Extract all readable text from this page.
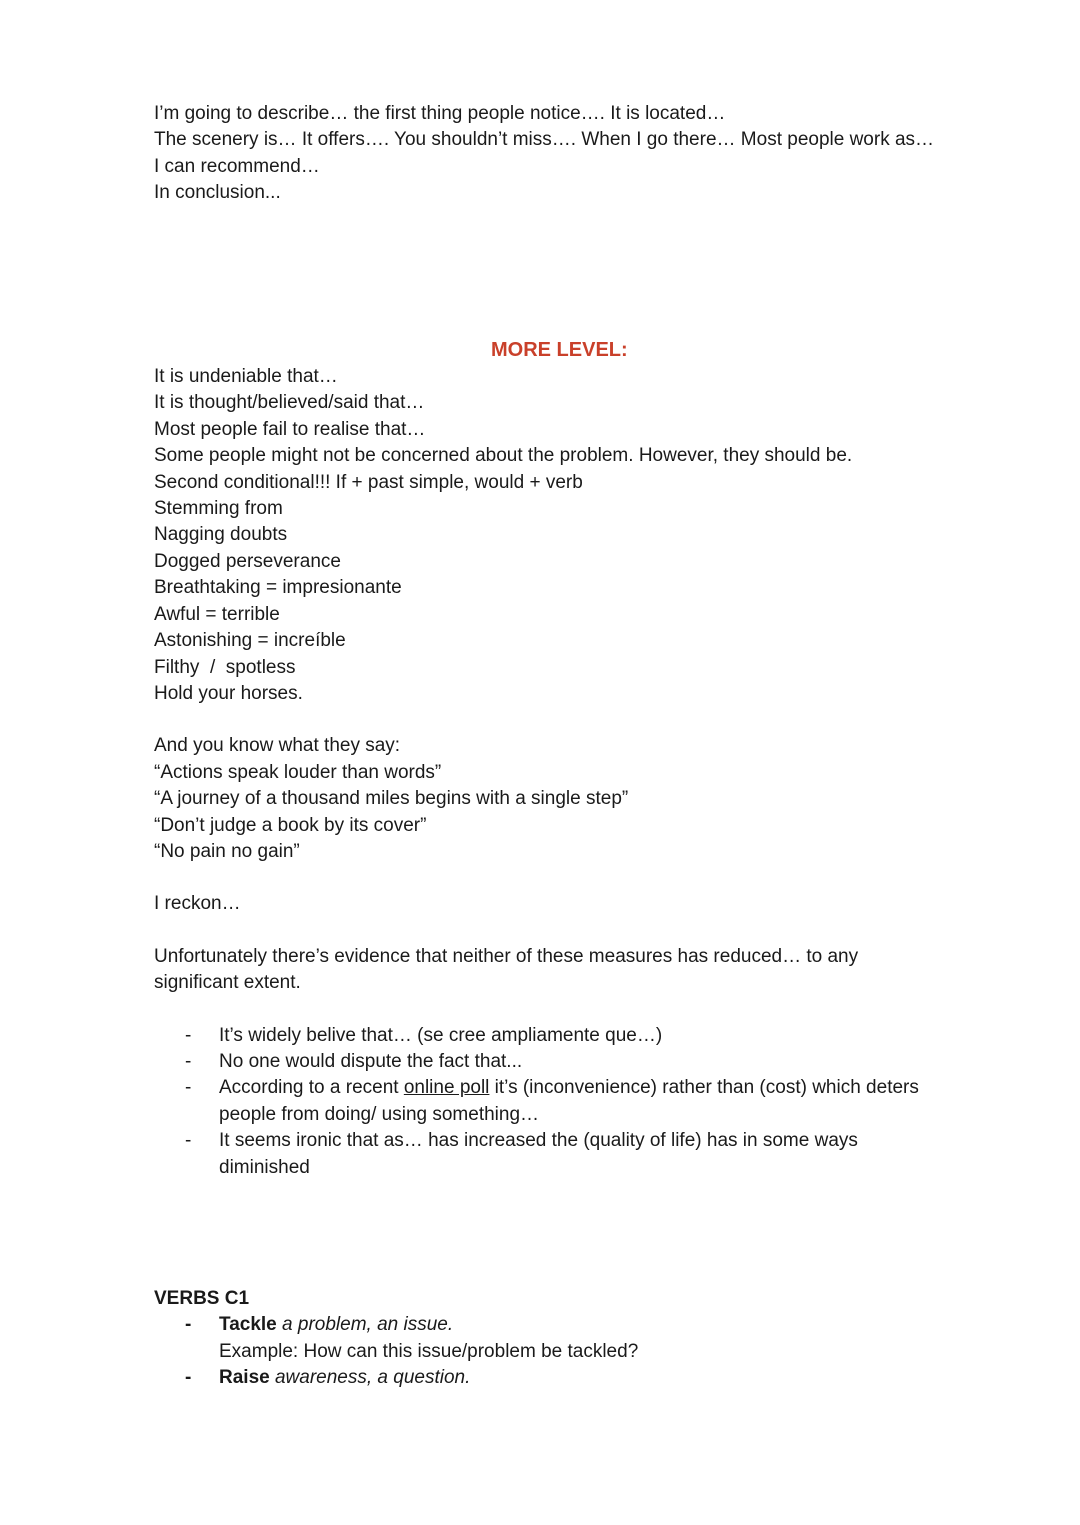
I’m going to describe… the first thing people notice…. It is located…
The scenery is… It offers…. You shouldn’t miss…. When I go there… Most people work as…
I can recommend…
In conclusion...
MORE LEVEL:
It is undeniable that…
It is thought/believed/said that…
Most people fail to realise that…
Some people might not be concerned about the problem. However, they should be.
Second conditional!!! If + past simple, would + verb
Stemming from
Nagging doubts
Dogged perseverance
Breathtaking = impresionante
Awful = terrible
Astonishing = increíble
Filthy  /  spotless
Hold your horses.
And you know what they say:
“Actions speak louder than words”
“A journey of a thousand miles begins with a single step”
“Don’t judge a book by its cover”
“No pain no gain”
I reckon…
Unfortunately there’s evidence that neither of these measures has reduced… to any significant extent.
- It’s widely belive that… (se cree ampliamente que…)
- No one would dispute the fact that...
- According to a recent online poll it’s (inconvenience) rather than (cost) which deters people from doing/ using something…
- It seems ironic that as… has increased the (quality of life) has in some ways diminished
VERBS C1
- Tackle a problem, an issue.
Example: How can this issue/problem be tackled?
- Raise awareness, a question.
